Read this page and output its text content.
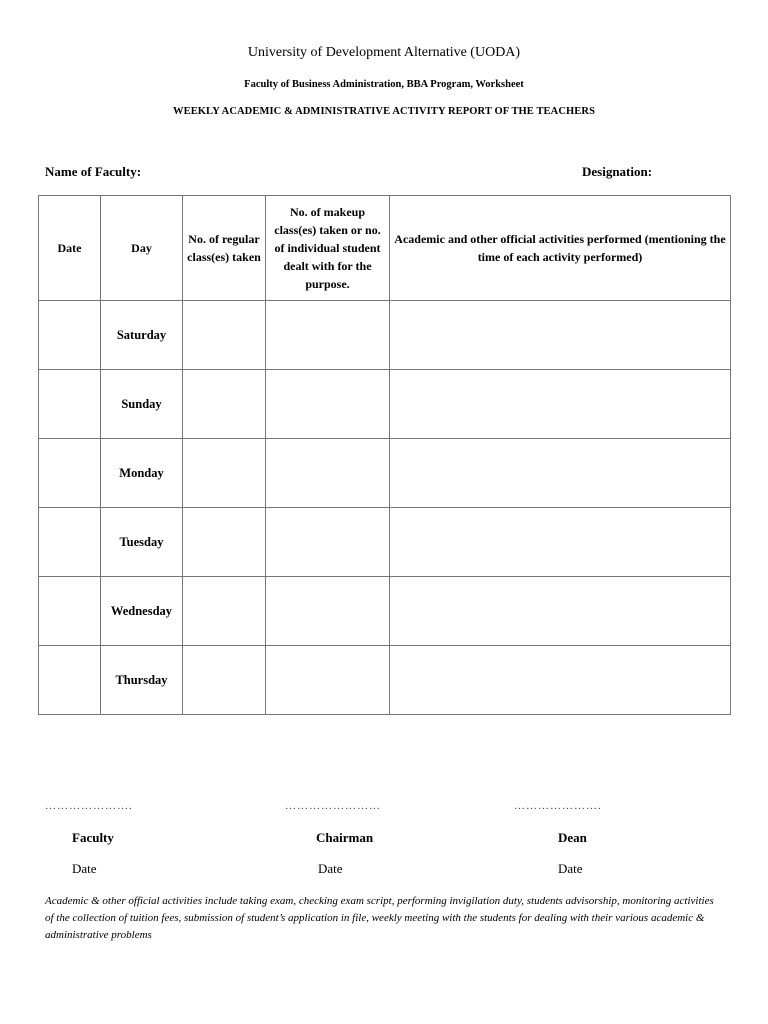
University of Development Alternative (UODA)
Faculty of Business Administration, BBA Program, Worksheet
WEEKLY ACADEMIC & ADMINISTRATIVE ACTIVITY REPORT OF THE TEACHERS
Name of Faculty:	Designation:
Date	Day	No. of regular class(es) taken	No. of makeup class(es) taken or no. of individual student dealt with for the purpose.	Academic and other official activities performed (mentioning the time of each activity performed)
	Saturday			
	Sunday			
	Monday			
	Tuesday			
	Wednesday			
	Thursday			
………………….	……………………	………………….
Faculty	Chairman	Dean
Date	Date	Date
Academic & other official activities include taking exam, checking exam script, performing invigilation duty, students advisorship, monitoring activities of the collection of tuition fees, submission of student’s application in file, weekly meeting with the students for dealing with their various academic & administrative problems
